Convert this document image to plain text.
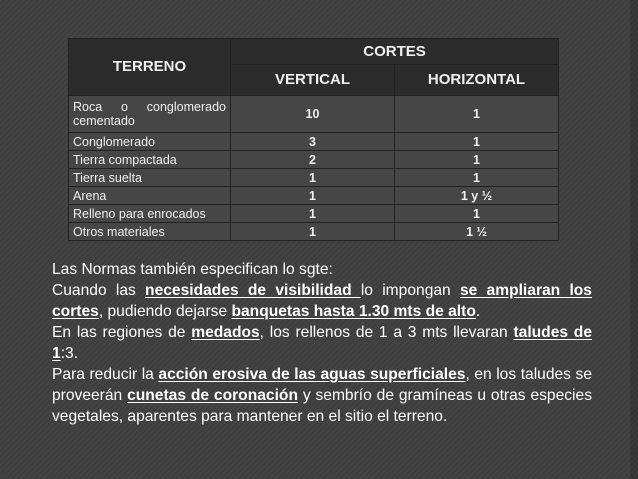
TERRENO	CORTES	
	VERTICAL	HORIZONTAL
Roca o conglomerado cementado	10	1
Conglomerado	3	1
Tierra compactada	2	1
Tierra suelta	1	1
Arena	1	1 y ½
Relleno para enrocados	1	1
Otros materiales	1	1 ½

Las Normas también especifican lo sgte:

Cuando las necesidades de visibilidad lo impongan se ampliaran los cortes, pudiendo dejarse banquetas hasta 1.30 mts de alto.

En las regiones de medados, los rellenos de 1 a 3 mts llevaran taludes de 1:3.

Para reducir la acción erosiva de las aguas superficiales, en los taludes se proveerán cunetas de coronación y sembrío de gramíneas u otras especies vegetales, aparentes para mantener en el sitio el terreno.
